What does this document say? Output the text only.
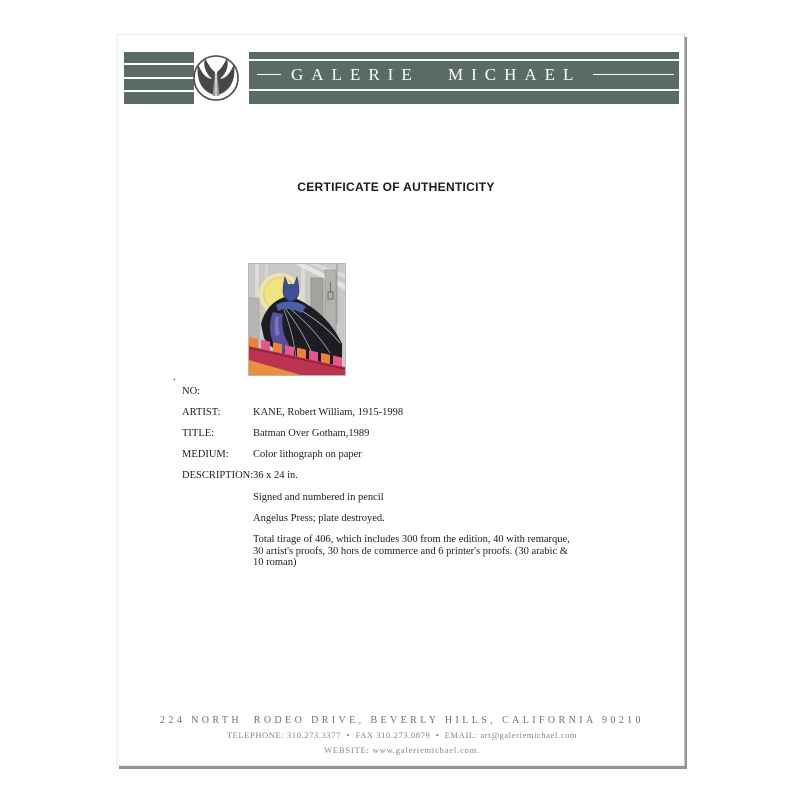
GALERIE MICHAEL
CERTIFICATE OF AUTHENTICITY
.
NO:
ARTIST:	KANE, Robert William, 1915-1998
TITLE:	Batman Over Gotham,1989
MEDIUM:	Color lithograph on paper
DESCRIPTION: 36 x 24 in.

Signed and numbered in pencil

Angelus Press; plate destroyed.

Total tirage of 406, which includes 300 from the edition, 40 with remarque, 30 artist's proofs, 30 hors de commerce and 6 printer's proofs. (30 arabic & 10 roman)

224 NORTH  RODEO DRIVE, BEVERLY HILLS, CALIFORNIA 90210
TELEPHONE: 310.273.3377  •  FAX 310.273.0879  •  EMAIL: art@galeriemichael.com
WEBSITE: www.galeriemichael.com.
